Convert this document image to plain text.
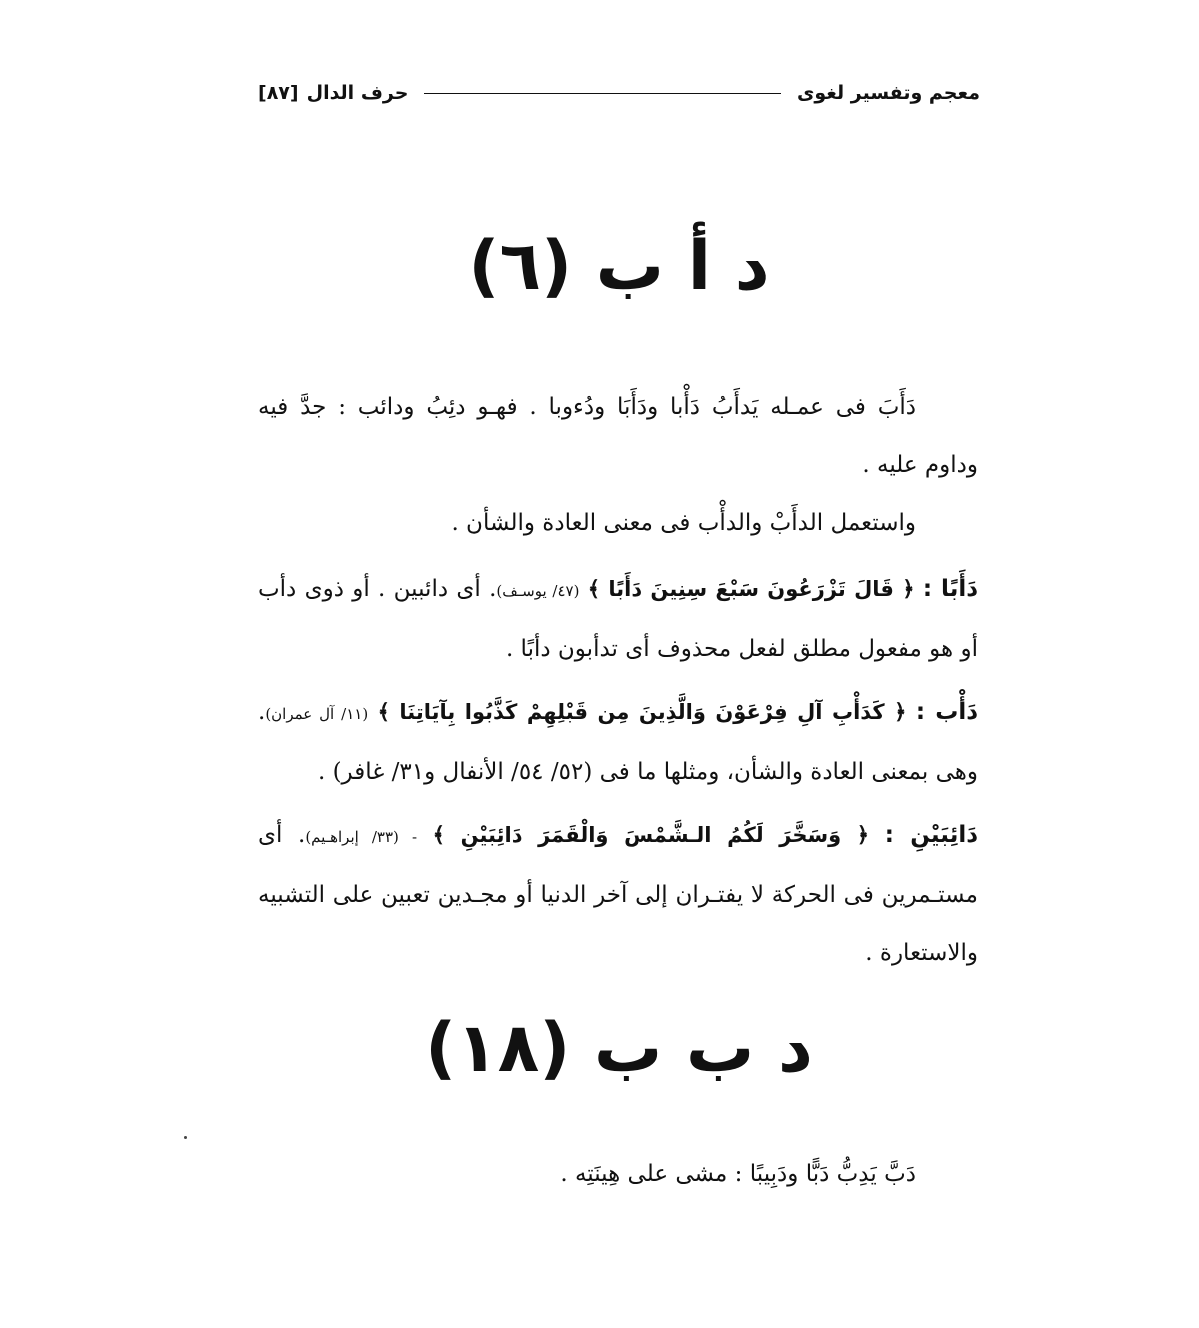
معجم وتفسير لغوى
حرف الدال[٨٧]
د أ ب (٦)

دَأَبَ فى عمـله يَدأَبُ دَأْبا ودَأَبَا ودُءوبا . فهـو دئِبُ ودائب : جدَّ فيه وداوم عليه .

واستعمل الدأَبْ والدأْب فى معنى العادة والشأن .

دَأَبًا : ﴿ قَالَ تَزْرَعُونَ سَبْعَ سِنِينَ دَأَبًا ﴾ (٤٧/ يوسـف). أى دائبين . أو ذوى دأب أو هو مفعول مطلق لفعل محذوف أى تدأبون دأبًا .

دَأْب : ﴿ كَدَأْبِ آلِ فِرْعَوْنَ وَالَّذِينَ مِن قَبْلِهِمْ كَذَّبُوا بِآيَاتِنَا ﴾ (١١/ آل عمران). وهى بمعنى العادة والشأن، ومثلها ما فى (٥٢/ ٥٤/ الأنفال و٣١/ غافر) .

دَائِبَيْنِ : ﴿ وَسَخَّرَ لَكُمُ الـشَّمْسَ وَالْقَمَرَ دَائِبَيْنِ ﴾ - (٣٣/ إبراهـيم). أى مستـمرين فى الحركة لا يفتـران إلى آخر الدنيا أو مجـدين تعبين على التشبيه والاستعارة .

د ب ب (١٨)

دَبَّ يَدِبُّ دَبًّا ودَبِيبًا : مشى على هِينَتِه .
